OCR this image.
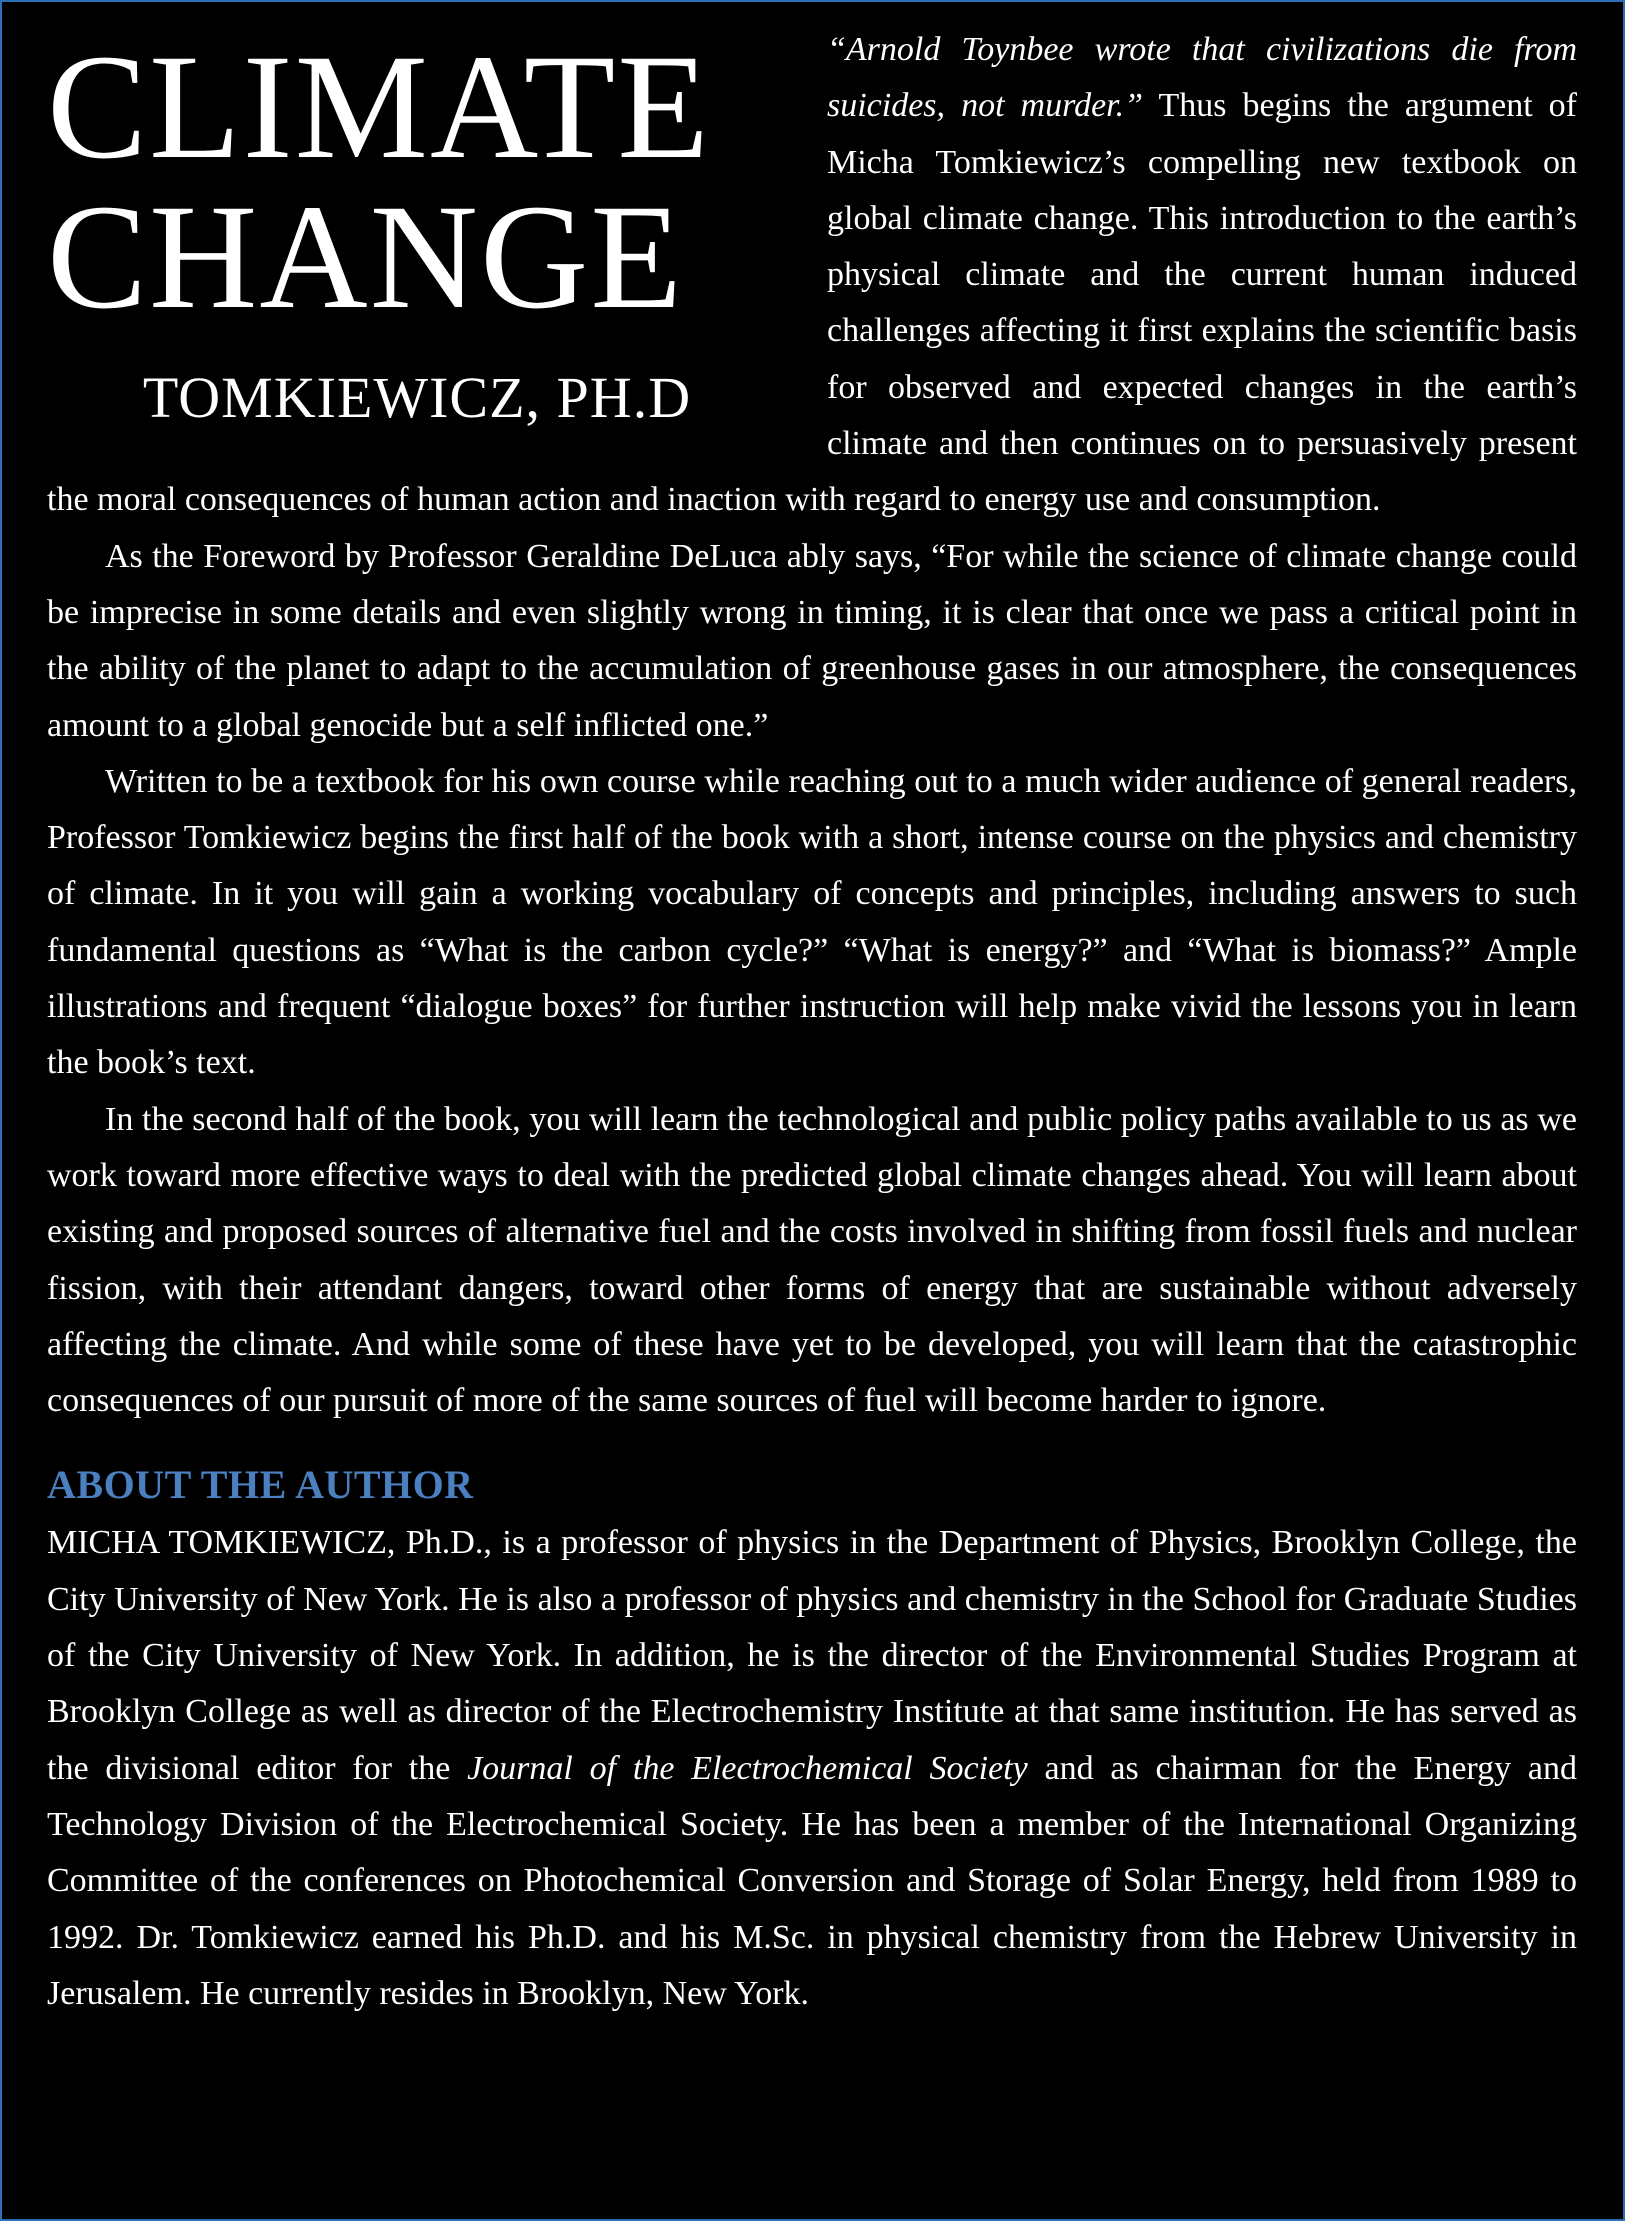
CLIMATE
CHANGE
TOMKIEWICZ, PH.D

“Arnold Toynbee wrote that civilizations die from suicides, not murder.” Thus begins the argument of Micha Tomkiewicz’s compelling new textbook on global climate change. This introduction to the earth’s physical climate and the current human induced challenges affecting it first explains the scientific basis for observed and expected changes in the earth’s climate and then continues on to persuasively present the moral consequences of human action and inaction with regard to energy use and consumption.

As the Foreword by Professor Geraldine DeLuca ably says, “For while the science of climate change could be imprecise in some details and even slightly wrong in timing, it is clear that once we pass a critical point in the ability of the planet to adapt to the accumulation of greenhouse gases in our atmosphere, the consequences amount to a global genocide but a self inflicted one.”

Written to be a textbook for his own course while reaching out to a much wider audience of general readers, Professor Tomkiewicz begins the first half of the book with a short, intense course on the physics and chemistry of climate. In it you will gain a working vocabulary of concepts and principles, including answers to such fundamental questions as “What is the carbon cycle?” “What is energy?” and “What is biomass?” Ample illustrations and frequent “dialogue boxes” for further instruction will help make vivid the lessons you in learn the book’s text.

In the second half of the book, you will learn the technological and public policy paths available to us as we work toward more effective ways to deal with the predicted global climate changes ahead. You will learn about existing and proposed sources of alternative fuel and the costs involved in shifting from fossil fuels and nuclear fission, with their attendant dangers, toward other forms of energy that are sustainable without adversely affecting the climate. And while some of these have yet to be developed, you will learn that the catastrophic consequences of our pursuit of more of the same sources of fuel will become harder to ignore.

ABOUT THE AUTHOR

MICHA TOMKIEWICZ, Ph.D., is a professor of physics in the Department of Physics, Brooklyn College, the City University of New York. He is also a professor of physics and chemistry in the School for Graduate Studies of the City University of New York. In addition, he is the director of the Environmental Studies Program at Brooklyn College as well as director of the Electrochemistry Institute at that same institution. He has served as the divisional editor for the Journal of the Electrochemical Society and as chairman for the Energy and Technology Division of the Electrochemical Society. He has been a member of the International Organizing Committee of the conferences on Photochemical Conversion and Storage of Solar Energy, held from 1989 to 1992. Dr. Tomkiewicz earned his Ph.D. and his M.Sc. in physical chemistry from the Hebrew University in Jerusalem. He currently resides in Brooklyn, New York.
